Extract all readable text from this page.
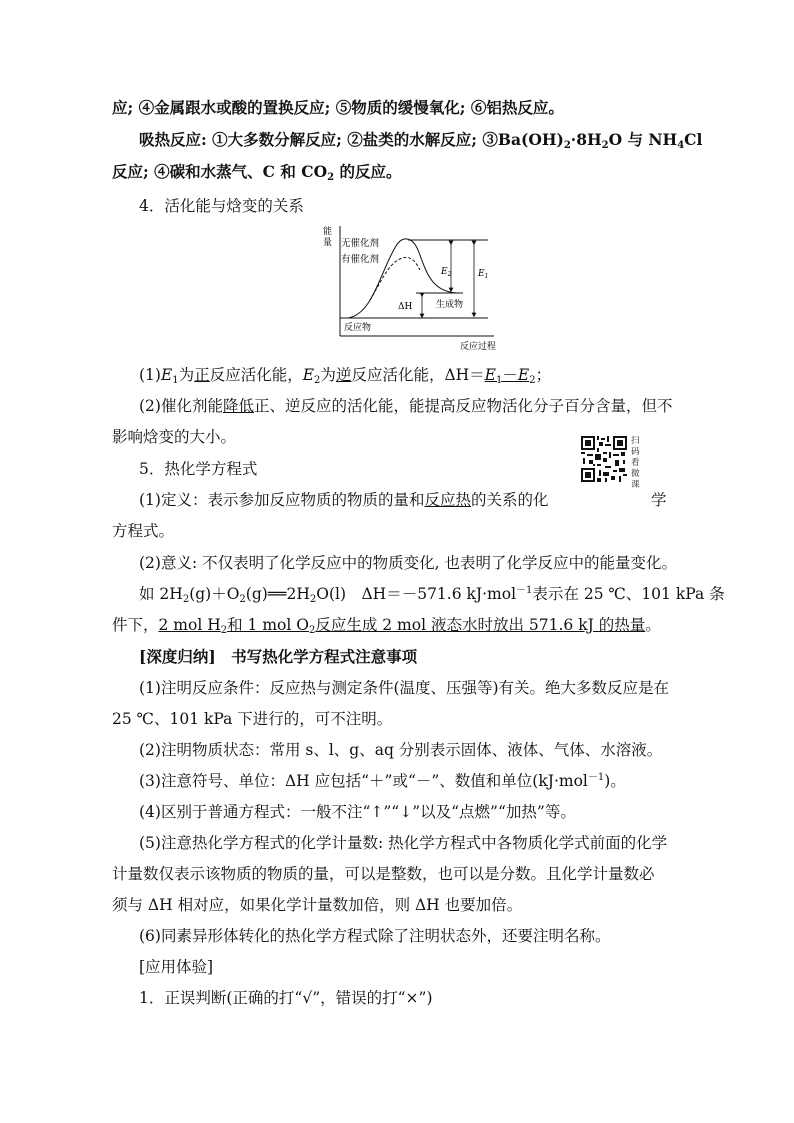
应; ④金属跟水或酸的置换反应; ⑤物质的缓慢氧化; ⑥铝热反应。
吸热反应: ①大多数分解反应; ②盐类的水解反应; $③Ba(OH)_2\cdot 8H_2O$ 与 $NH_4Cl$
反应; ④碳和水蒸气、C 和 $CO_2$ 的反应。
4．活化能与焓变的关系
能
量 无催化剂
有催化剂
$E_2$	$E_1$
ΔH	生成物
反应物
反应过程
$(1)E_1$为正反应活化能，$E_2$为逆反应活化能，$\Delta H=E_1-E_2$；
(2)催化剂能降低正、逆反应的活化能，能提高反应物活化分子百分含量，但不
影响焓变的大小。
5．热化学方程式
扫码看微课
(1)定义：表示参加反应物质的物质的量和反应热的关系的化	学
方程式。
(2)意义: 不仅表明了化学反应中的物质变化, 也表明了化学反应中的能量变化。
如 $2H_2(g)+O_2(g)══2H_2O(l)$　ΔH＝－571.6 kJ·mol$^{-1}$表示在 25 ℃、101 kPa 条
件下，2 mol $H_2$和 1 mol $O_2$反应生成 2 mol 液态水时放出 571.6 kJ 的热量。
[深度归纳]　书写热化学方程式注意事项
(1)注明反应条件：反应热与测定条件(温度、压强等)有关。绝大多数反应是在
25 ℃、101 kPa 下进行的，可不注明。
(2)注明物质状态：常用 s、l、g、aq 分别表示固体、液体、气体、水溶液。
(3)注意符号、单位：ΔH 应包括“＋”或“－”、数值和单位(kJ·mol$^{-1}$)。
(4)区别于普通方程式：一般不注“↑”“↓”以及“点燃”“加热”等。
(5)注意热化学方程式的化学计量数: 热化学方程式中各物质化学式前面的化学
计量数仅表示该物质的物质的量，可以是整数，也可以是分数。且化学计量数必
须与 ΔH 相对应，如果化学计量数加倍，则 ΔH 也要加倍。
(6)同素异形体转化的热化学方程式除了注明状态外，还要注明名称。
[应用体验]
1．正误判断(正确的打“√”，错误的打“×”)
